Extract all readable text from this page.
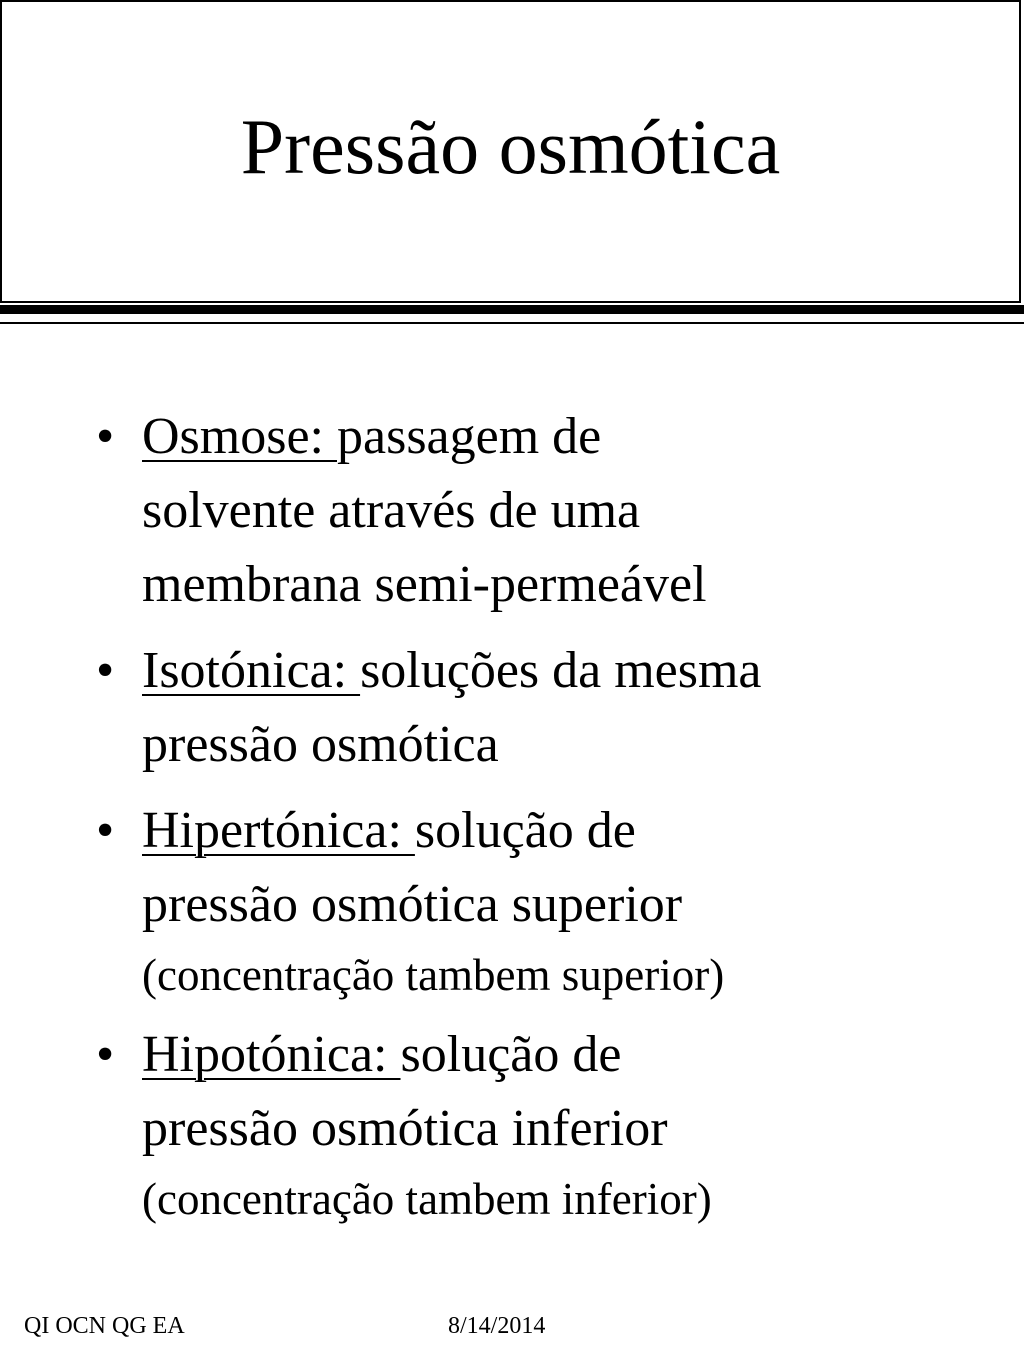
Pressão osmótica
• Osmose: passagem de
solvente através de uma
membrana semi-permeável
• Isotónica: soluções da mesma
pressão osmótica
• Hipertónica: solução de
pressão osmótica superior
(concentração tambem superior)
• Hipotónica: solução de
pressão osmótica inferior
(concentração tambem inferior)
QI OCN QG EA	8/14/2014
